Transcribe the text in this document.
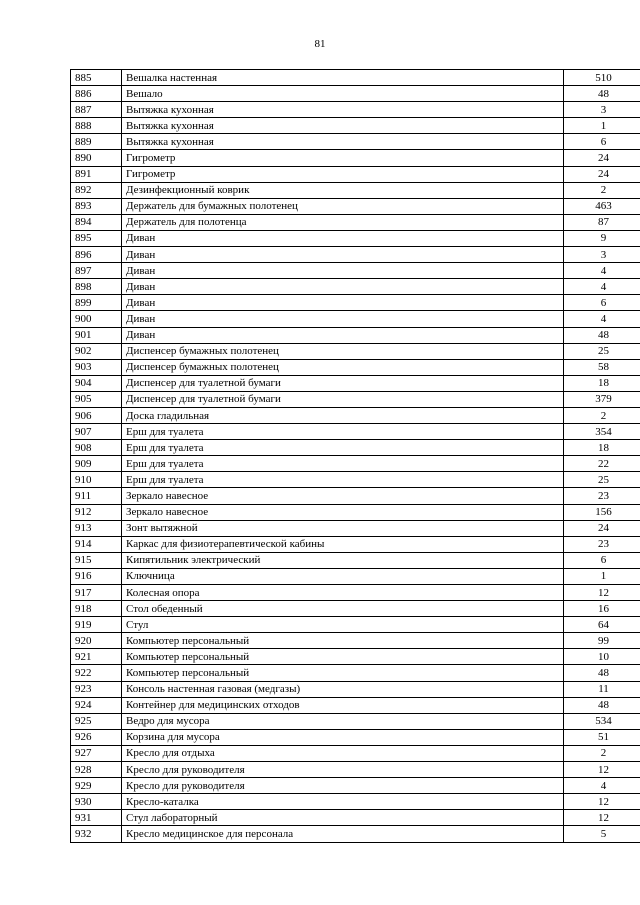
81
885	Вешалка настенная	510
886	Вешало	48
887	Вытяжка кухонная	3
888	Вытяжка кухонная	1
889	Вытяжка кухонная	6
890	Гигрометр	24
891	Гигрометр	24
892	Дезинфекционный коврик	2
893	Держатель для бумажных полотенец	463
894	Держатель для полотенца	87
895	Диван	9
896	Диван	3
897	Диван	4
898	Диван	4
899	Диван	6
900	Диван	4
901	Диван	48
902	Диспенсер бумажных полотенец	25
903	Диспенсер бумажных полотенец	58
904	Диспенсер для туалетной бумаги	18
905	Диспенсер для туалетной бумаги	379
906	Доска гладильная	2
907	Ерш для туалета	354
908	Ерш для туалета	18
909	Ерш для туалета	22
910	Ерш для туалета	25
911	Зеркало навесное	23
912	Зеркало навесное	156
913	Зонт вытяжной	24
914	Каркас для физиотерапевтической кабины	23
915	Кипятильник электрический	6
916	Ключница	1
917	Колесная опора	12
918	Стол обеденный	16
919	Стул	64
920	Компьютер персональный	99
921	Компьютер персональный	10
922	Компьютер персональный	48
923	Консоль настенная газовая (медгазы)	11
924	Контейнер для медицинских отходов	48
925	Ведро для мусора	534
926	Корзина для мусора	51
927	Кресло для отдыха	2
928	Кресло для руководителя	12
929	Кресло для руководителя	4
930	Кресло-каталка	12
931	Стул лабораторный	12
932	Кресло медицинское для персонала	5
